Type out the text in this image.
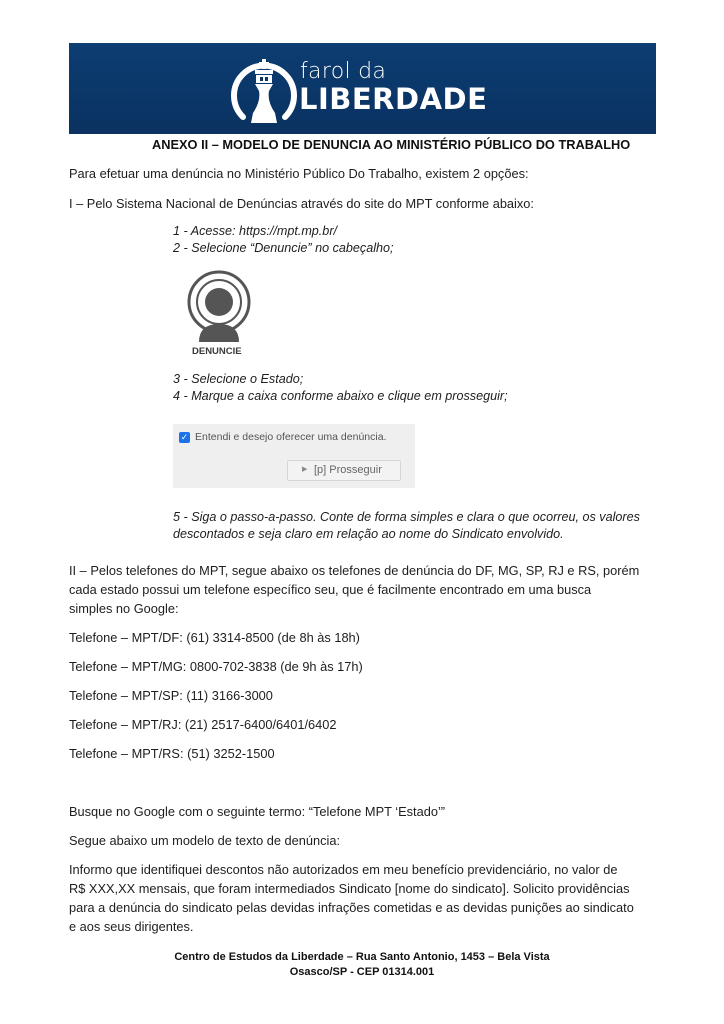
farol da
LIBERDADE
ANEXO II – MODELO DE DENUNCIA AO MINISTÉRIO PÚBLICO DO TRABALHO
Para efetuar uma denúncia no Ministério Público Do Trabalho, existem 2 opções:
I – Pelo Sistema Nacional de Denúncias através do site do MPT conforme abaixo:
1 - Acesse: https://mpt.mp.br/
2 - Selecione “Denuncie” no cabeçalho;
DENUNCIE
3 - Selecione o Estado;
4 - Marque a caixa conforme abaixo e clique em prosseguir;
✓ Entendi e desejo oferecer uma denúncia.
▶ [p] Prosseguir
5 - Siga o passo-a-passo. Conte de forma simples e clara o que ocorreu, os valores
descontados e seja claro em relação ao nome do Sindicato envolvido.
II – Pelos telefones do MPT, segue abaixo os telefones de denúncia do DF, MG, SP, RJ e RS, porém
cada estado possui um telefone específico seu, que é facilmente encontrado em uma busca
simples no Google:
Telefone – MPT/DF: (61) 3314-8500 (de 8h às 18h)
Telefone – MPT/MG: 0800-702-3838 (de 9h às 17h)
Telefone – MPT/SP: (11) 3166-3000
Telefone – MPT/RJ: (21) 2517-6400/6401/6402
Telefone – MPT/RS: (51) 3252-1500
Busque no Google com o seguinte termo: “Telefone MPT ‘Estado’”
Segue abaixo um modelo de texto de denúncia:
Informo que identifiquei descontos não autorizados em meu benefício previdenciário, no valor de
R$ XXX,XX mensais, que foram intermediados Sindicato [nome do sindicato]. Solicito providências
para a denúncia do sindicato pelas devidas infrações cometidas e as devidas punições ao sindicato
e aos seus dirigentes.
Centro de Estudos da Liberdade – Rua Santo Antonio, 1453 – Bela Vista
Osasco/SP - CEP 01314.001
